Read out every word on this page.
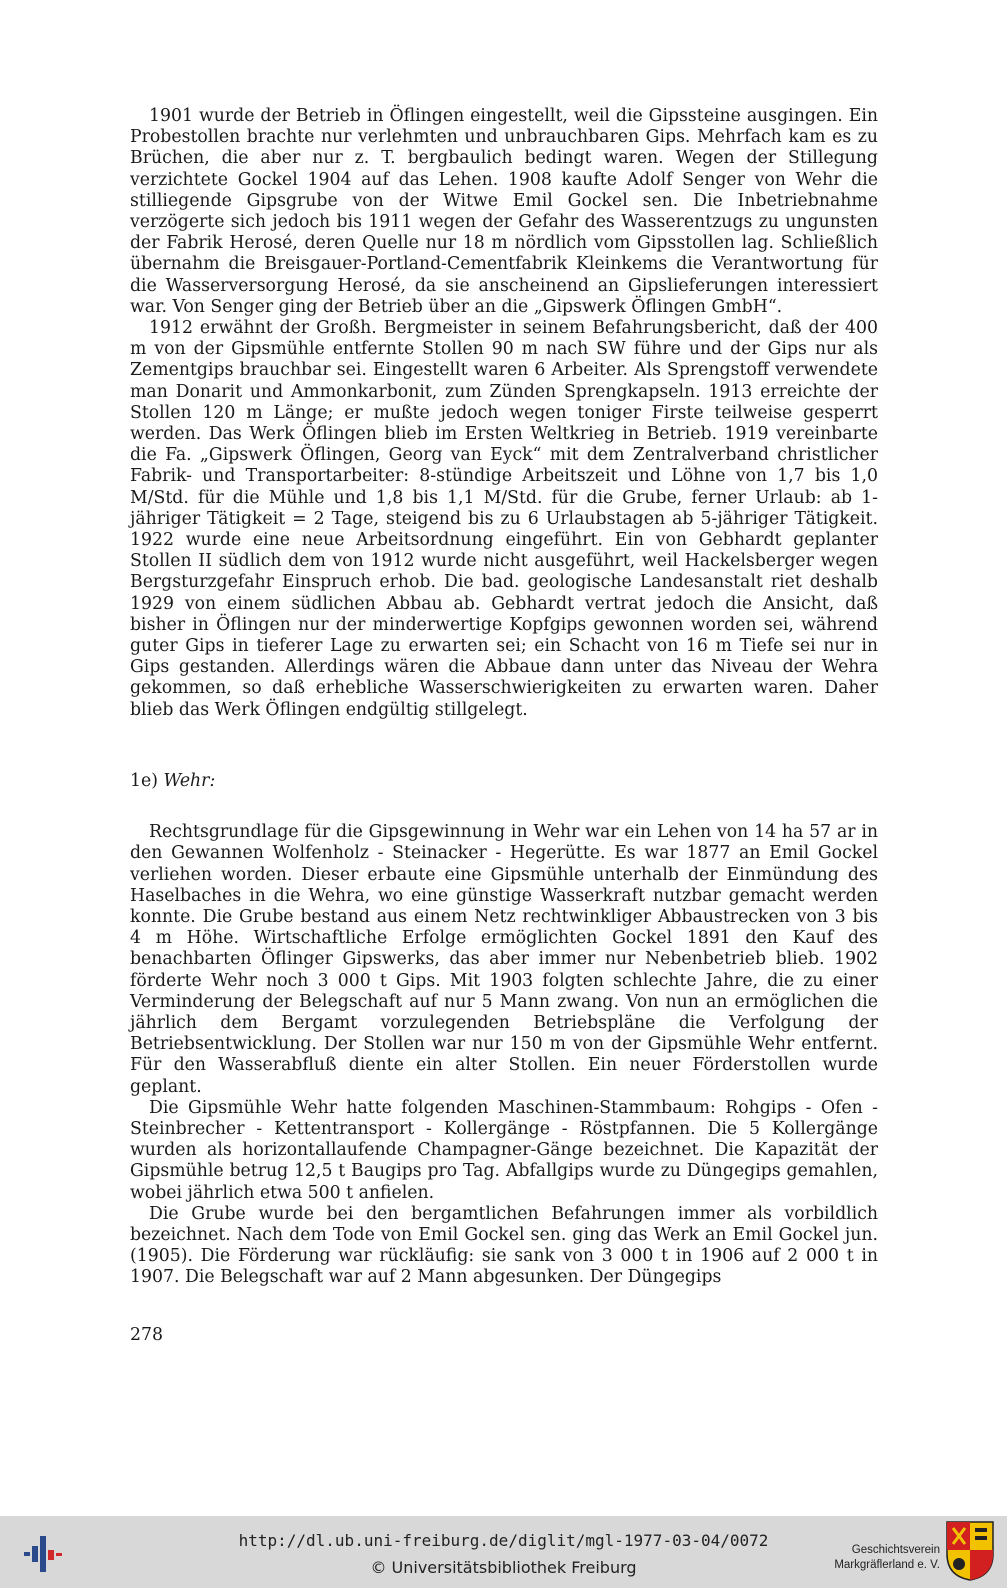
1901 wurde der Betrieb in Öflingen eingestellt, weil die Gipssteine ausgingen. Ein Probestollen brachte nur verlehmten und unbrauchbaren Gips. Mehrfach kam es zu Brüchen, die aber nur z. T. bergbaulich bedingt waren. Wegen der Stillegung verzichtete Gockel 1904 auf das Lehen. 1908 kaufte Adolf Senger von Wehr die stilliegende Gipsgrube von der Witwe Emil Gockel sen. Die Inbetriebnahme verzögerte sich jedoch bis 1911 wegen der Gefahr des Wasserentzugs zu ungunsten der Fabrik Herosé, deren Quelle nur 18 m nördlich vom Gipsstollen lag. Schließlich übernahm die Breisgauer-Portland-Cementfabrik Kleinkems die Verantwortung für die Wasserversorgung Herosé, da sie anscheinend an Gipslieferungen interessiert war. Von Senger ging der Betrieb über an die „Gipswerk Öflingen GmbH“.

1912 erwähnt der Großh. Bergmeister in seinem Befahrungsbericht, daß der 400 m von der Gipsmühle entfernte Stollen 90 m nach SW führe und der Gips nur als Zementgips brauchbar sei. Eingestellt waren 6 Arbeiter. Als Sprengstoff verwendete man Donarit und Ammonkarbonit, zum Zünden Sprengkapseln. 1913 erreichte der Stollen 120 m Länge; er mußte jedoch wegen toniger Firste teilweise gesperrt werden. Das Werk Öflingen blieb im Ersten Weltkrieg in Betrieb. 1919 vereinbarte die Fa. „Gipswerk Öflingen, Georg van Eyck“ mit dem Zentralverband christlicher Fabrik- und Transportarbeiter: 8-stündige Arbeitszeit und Löhne von 1,7 bis 1,0 M/Std. für die Mühle und 1,8 bis 1,1 M/Std. für die Grube, ferner Urlaub: ab 1-jähriger Tätigkeit = 2 Tage, steigend bis zu 6 Urlaubstagen ab 5-jähriger Tätigkeit. 1922 wurde eine neue Arbeitsordnung eingeführt. Ein von Gebhardt geplanter Stollen II südlich dem von 1912 wurde nicht ausgeführt, weil Hackelsberger wegen Bergsturzgefahr Einspruch erhob. Die bad. geologische Landesanstalt riet deshalb 1929 von einem südlichen Abbau ab. Gebhardt vertrat jedoch die Ansicht, daß bisher in Öflingen nur der minderwertige Kopfgips gewonnen worden sei, während guter Gips in tieferer Lage zu erwarten sei; ein Schacht von 16 m Tiefe sei nur in Gips gestanden. Allerdings wären die Abbaue dann unter das Niveau der Wehra gekommen, so daß erhebliche Wasserschwierigkeiten zu erwarten waren. Daher blieb das Werk Öflingen endgültig stillgelegt.

1e) Wehr:

Rechtsgrundlage für die Gipsgewinnung in Wehr war ein Lehen von 14 ha 57 ar in den Gewannen Wolfenholz - Steinacker - Hegerütte. Es war 1877 an Emil Gockel verliehen worden. Dieser erbaute eine Gipsmühle unterhalb der Einmündung des Haselbaches in die Wehra, wo eine günstige Wasserkraft nutzbar gemacht werden konnte. Die Grube bestand aus einem Netz rechtwinkliger Abbaustrecken von 3 bis 4 m Höhe. Wirtschaftliche Erfolge ermöglichten Gockel 1891 den Kauf des benachbarten Öflinger Gipswerks, das aber immer nur Nebenbetrieb blieb. 1902 förderte Wehr noch 3 000 t Gips. Mit 1903 folgten schlechte Jahre, die zu einer Verminderung der Belegschaft auf nur 5 Mann zwang. Von nun an ermöglichen die jährlich dem Bergamt vorzulegenden Betriebspläne die Verfolgung der Betriebsentwicklung. Der Stollen war nur 150 m von der Gipsmühle Wehr entfernt. Für den Wasserabfluß diente ein alter Stollen. Ein neuer Förderstollen wurde geplant.

Die Gipsmühle Wehr hatte folgenden Maschinen-Stammbaum: Rohgips - Ofen - Steinbrecher - Kettentransport - Kollergänge - Röstpfannen. Die 5 Kollergänge wurden als horizontallaufende Champagner-Gänge bezeichnet. Die Kapazität der Gipsmühle betrug 12,5 t Baugips pro Tag. Abfallgips wurde zu Düngegips gemahlen, wobei jährlich etwa 500 t anfielen.

Die Grube wurde bei den bergamtlichen Befahrungen immer als vorbildlich bezeichnet. Nach dem Tode von Emil Gockel sen. ging das Werk an Emil Gockel jun. (1905). Die Förderung war rückläufig: sie sank von 3 000 t in 1906 auf 2 000 t in 1907. Die Belegschaft war auf 2 Mann abgesunken. Der Düngegips

278
http://dl.ub.uni-freiburg.de/diglit/mgl-1977-03-04/0072
© Universitätsbibliothek Freiburg
Geschichtsverein
Markgräflerland e. V.
